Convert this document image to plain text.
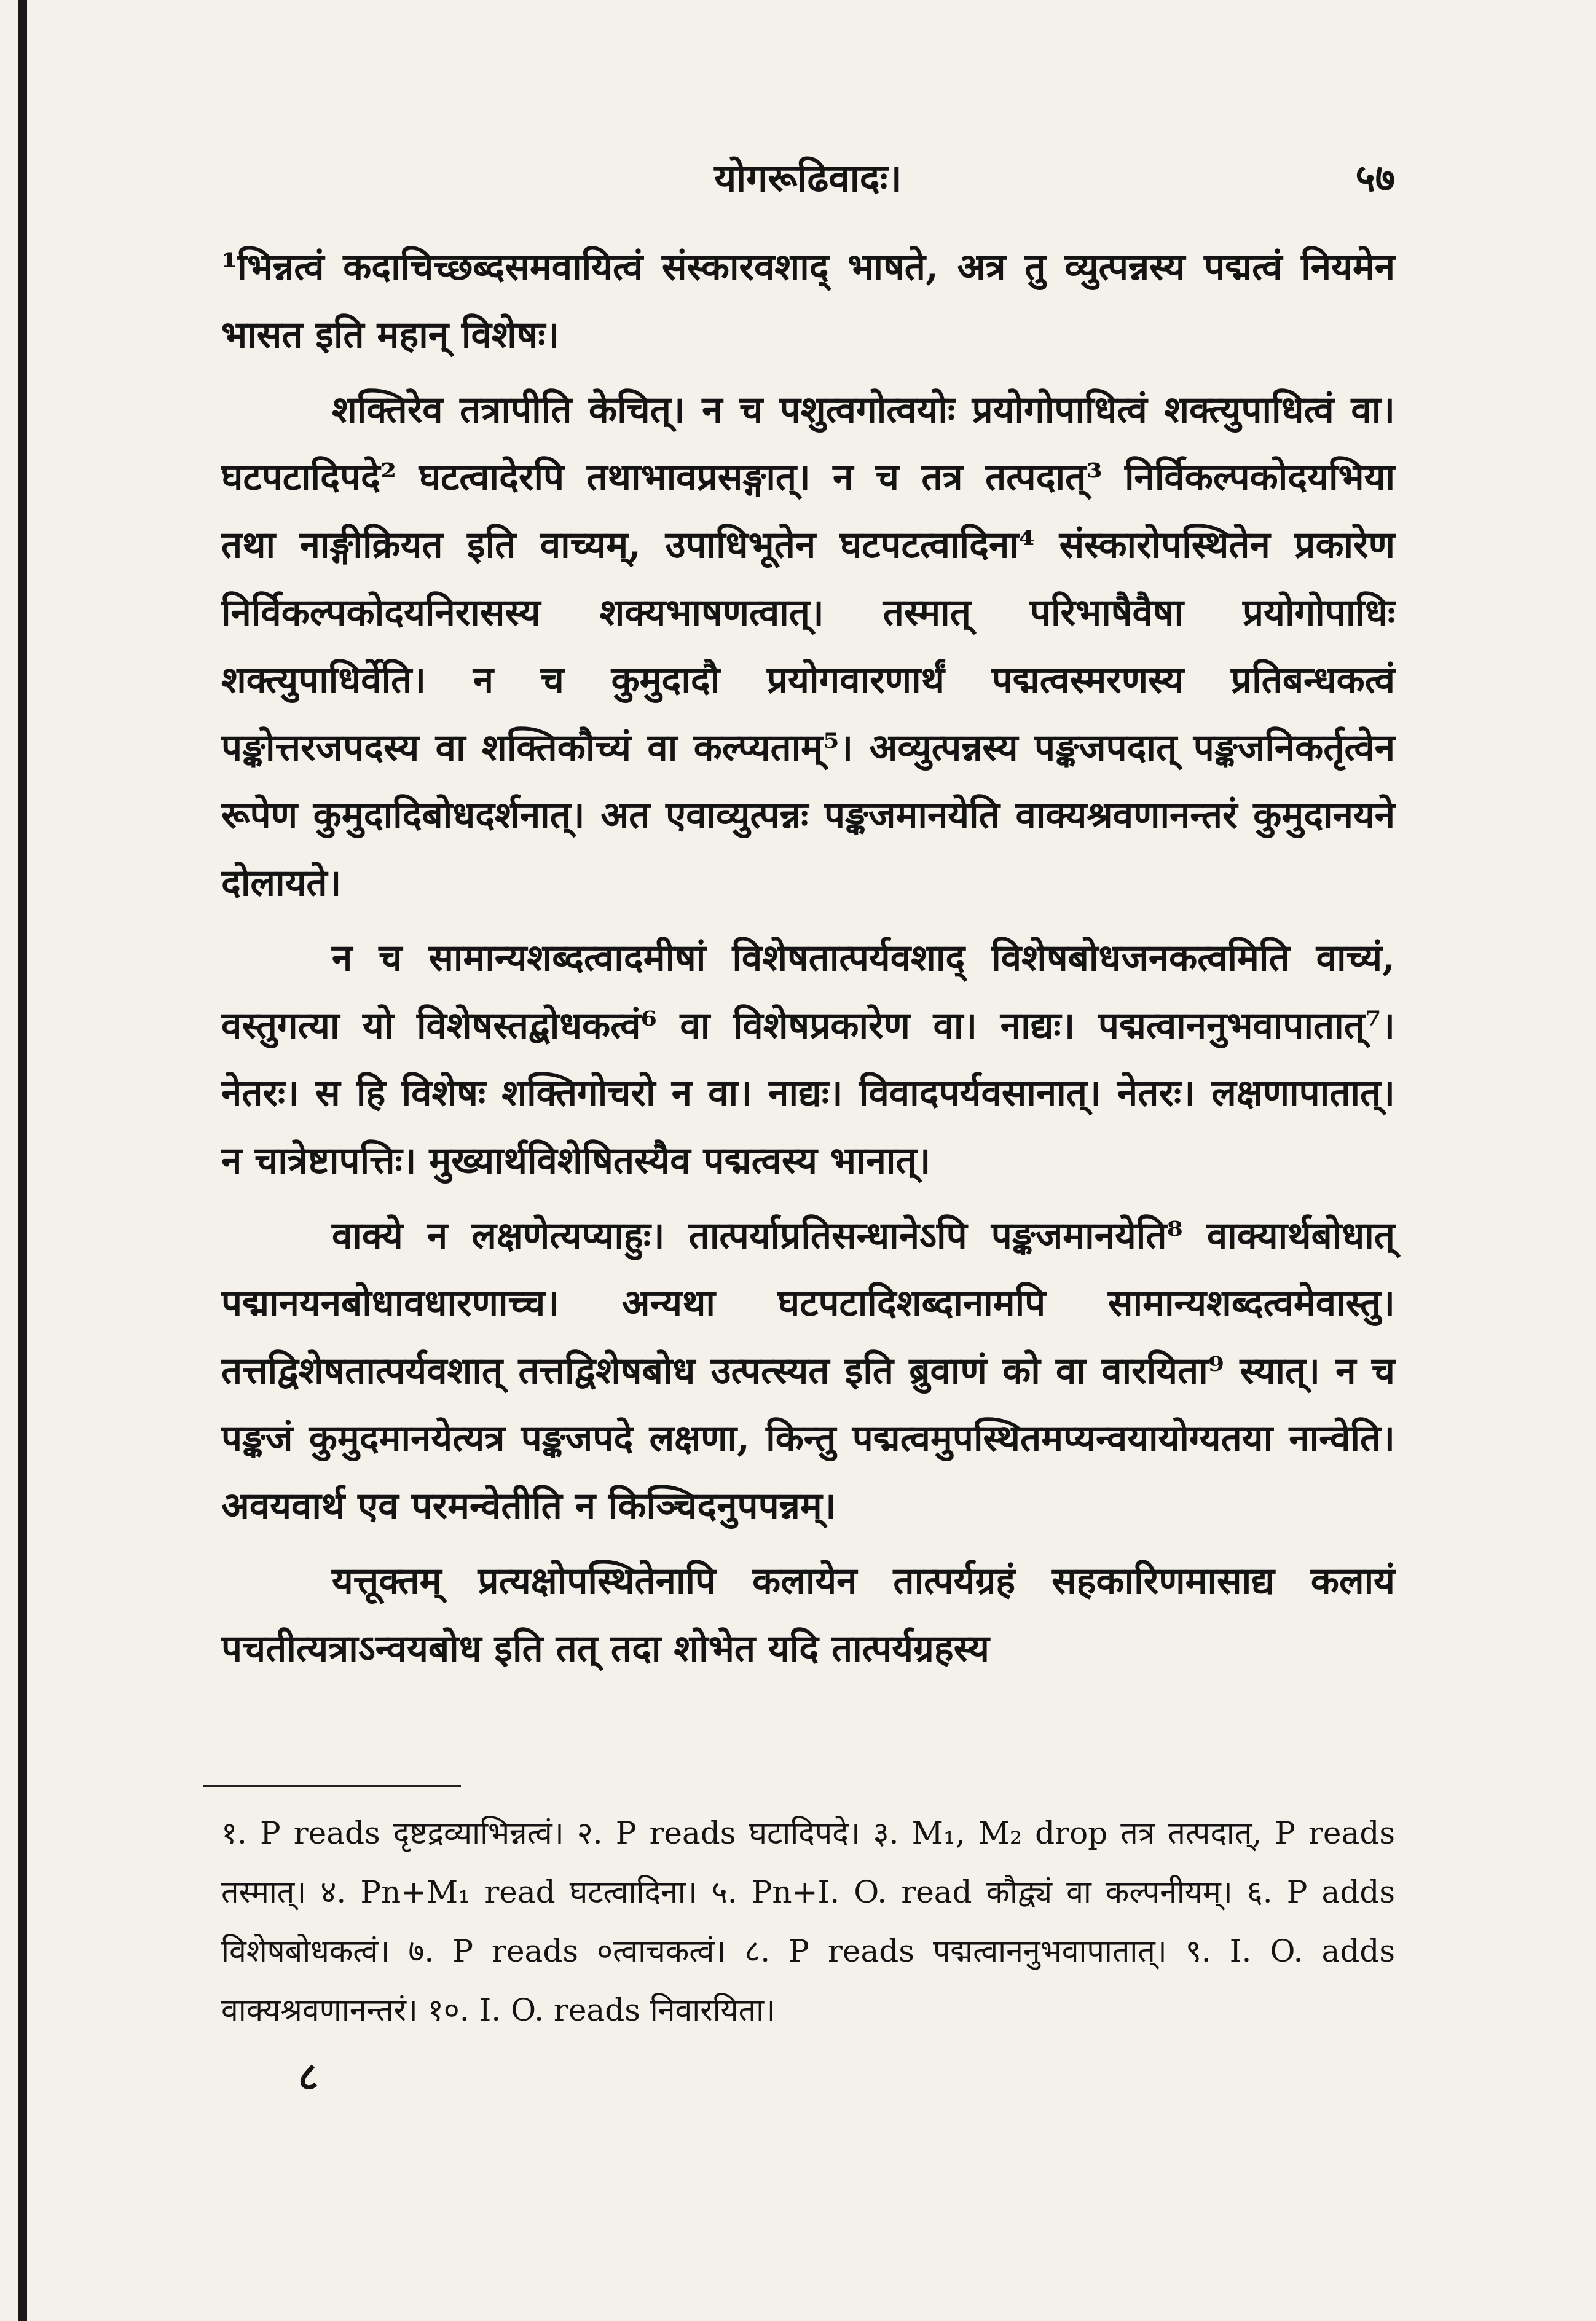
योगरूढिवादः।	५७

¹भिन्नत्वं कदाचिच्छब्दसमवायित्वं संस्कारवशाद् भाषते, अत्र तु व्युत्पन्नस्य पद्मत्वं नियमेन भासत इति महान् विशेषः।

शक्तिरेव तत्रापीति केचित्। न च पशुत्वगोत्वयोः प्रयोगोपाधित्वं शक्त्युपाधित्वं वा। घटपटादिपदे² घटत्वादेरपि तथाभावप्रसङ्गात्। न च तत्र तत्पदात्³ निर्विकल्पकोदयभिया तथा नाङ्गीक्रियत इति वाच्यम्, उपाधिभूतेन घटपटत्वादिना⁴ संस्कारोपस्थितेन प्रकारेण निर्विकल्पकोदयनिरासस्य शक्यभाषणत्वात्। तस्मात् परिभाषैवैषा प्रयोगोपाधिः शक्त्युपाधिर्वेति। न च कुमुदादौ प्रयोगवारणार्थं पद्मत्वस्मरणस्य प्रतिबन्धकत्वं पङ्कोत्तरजपदस्य वा शक्तिकौच्यं वा कल्प्यताम्⁵। अव्युत्पन्नस्य पङ्कजपदात् पङ्कजनिकर्तृत्वेन रूपेण कुमुदादिबोधदर्शनात्। अत एवाव्युत्पन्नः पङ्कजमानयेति वाक्यश्रवणानन्तरं कुमुदानयने दोलायते।

न च सामान्यशब्दत्वादमीषां विशेषतात्पर्यवशाद् विशेषबोधजनकत्वमिति वाच्यं, वस्तुगत्या यो विशेषस्तद्बोधकत्वं⁶ वा विशेषप्रकारेण वा। नाद्यः। पद्मत्वाननुभवापातात्⁷। नेतरः। स हि विशेषः शक्तिगोचरो न वा। नाद्यः। विवादपर्यवसानात्। नेतरः। लक्षणापातात्। न चात्रेष्टापत्तिः। मुख्यार्थविशेषितस्यैव पद्मत्वस्य भानात्।

वाक्ये न लक्षणेत्यप्याहुः। तात्पर्याप्रतिसन्धानेऽपि पङ्कजमानयेति⁸ वाक्यार्थबोधात् पद्मानयनबोधावधारणाच्च। अन्यथा घटपटादिशब्दानामपि सामान्यशब्दत्वमेवास्तु। तत्तद्विशेषतात्पर्यवशात् तत्तद्विशेषबोध उत्पत्स्यत इति ब्रुवाणं को वा वारयिता⁹ स्यात्। न च पङ्कजं कुमुदमानयेत्यत्र पङ्कजपदे लक्षणा, किन्तु पद्मत्वमुपस्थितमप्यन्वयायोग्यतया नान्वेति। अवयवार्थ एव परमन्वेतीति न किञ्चिदनुपपन्नम्।

यत्तूक्तम् प्रत्यक्षोपस्थितेनापि कलायेन तात्पर्यग्रहं सहकारिणमासाद्य कलायं पचतीत्यत्राऽन्वयबोध इति तत् तदा शोभेत यदि तात्पर्यग्रहस्य

१. P reads दृष्टद्रव्याभिन्नत्वं। २. P reads घटादिपदे। ३. M₁, M₂ drop तत्र तत्पदात्, P reads तस्मात्। ४. Pn+M₁ read घटत्वादिना। ५. Pn+I. O. read कौद्व्यं वा कल्पनीयम्। ६. P adds विशेषबोधकत्वं। ७. P reads ०त्वाचकत्वं। ८. P reads पद्मत्वाननुभवापातात्। ९. I. O. adds वाक्यश्रवणानन्तरं। १०. I. O. reads निवारयिता।
८
